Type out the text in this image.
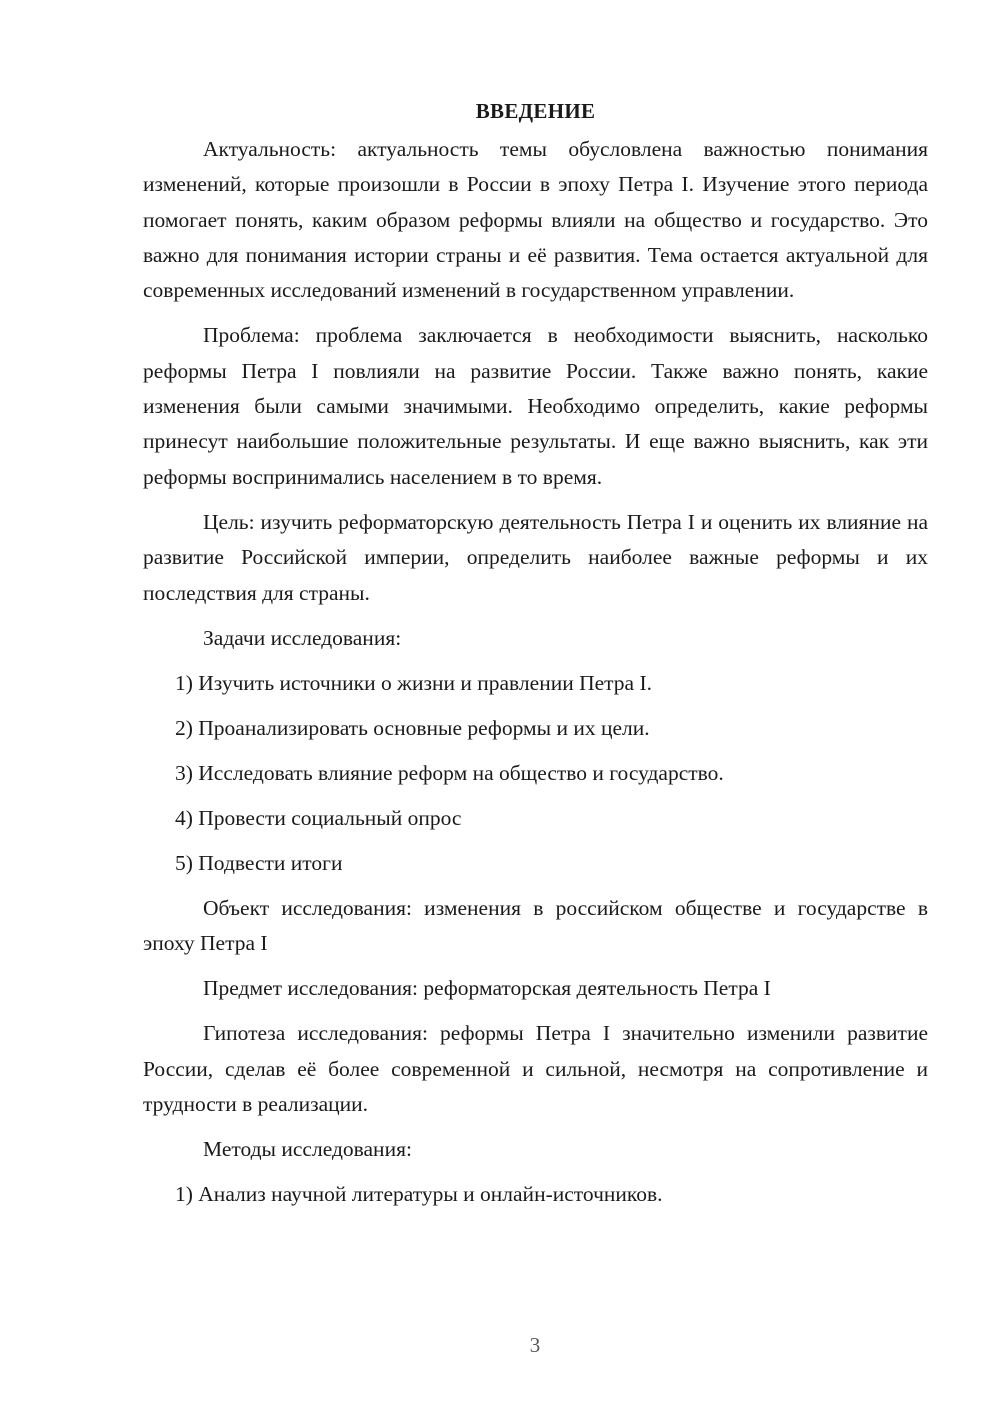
ВВЕДЕНИЕ

Актуальность: актуальность темы обусловлена важностью понимания изменений, которые произошли в России в эпоху Петра I. Изучение этого периода помогает понять, каким образом реформы влияли на общество и государство. Это важно для понимания истории страны и её развития. Тема остается актуальной для современных исследований изменений в государственном управлении.

Проблема: проблема заключается в необходимости выяснить, насколько реформы Петра I повлияли на развитие России. Также важно понять, какие изменения были самыми значимыми. Необходимо определить, какие реформы принесут наибольшие положительные результаты. И еще важно выяснить, как эти реформы воспринимались населением в то время.

Цель: изучить реформаторскую деятельность Петра I и оценить их влияние на развитие Российской империи, определить наиболее важные реформы и их последствия для страны.

Задачи исследования:
1) Изучить источники о жизни и правлении Петра I.
2) Проанализировать основные реформы и их цели.
3) Исследовать влияние реформ на общество и государство.
4) Провести социальный опрос
5) Подвести итоги

Объект исследования: изменения в российском обществе и государстве в эпоху Петра I

Предмет исследования: реформаторская деятельность Петра I

Гипотеза исследования: реформы Петра I значительно изменили развитие России, сделав её более современной и сильной, несмотря на сопротивление и трудности в реализации.

Методы исследования:
1) Анализ научной литературы и онлайн-источников.
3
